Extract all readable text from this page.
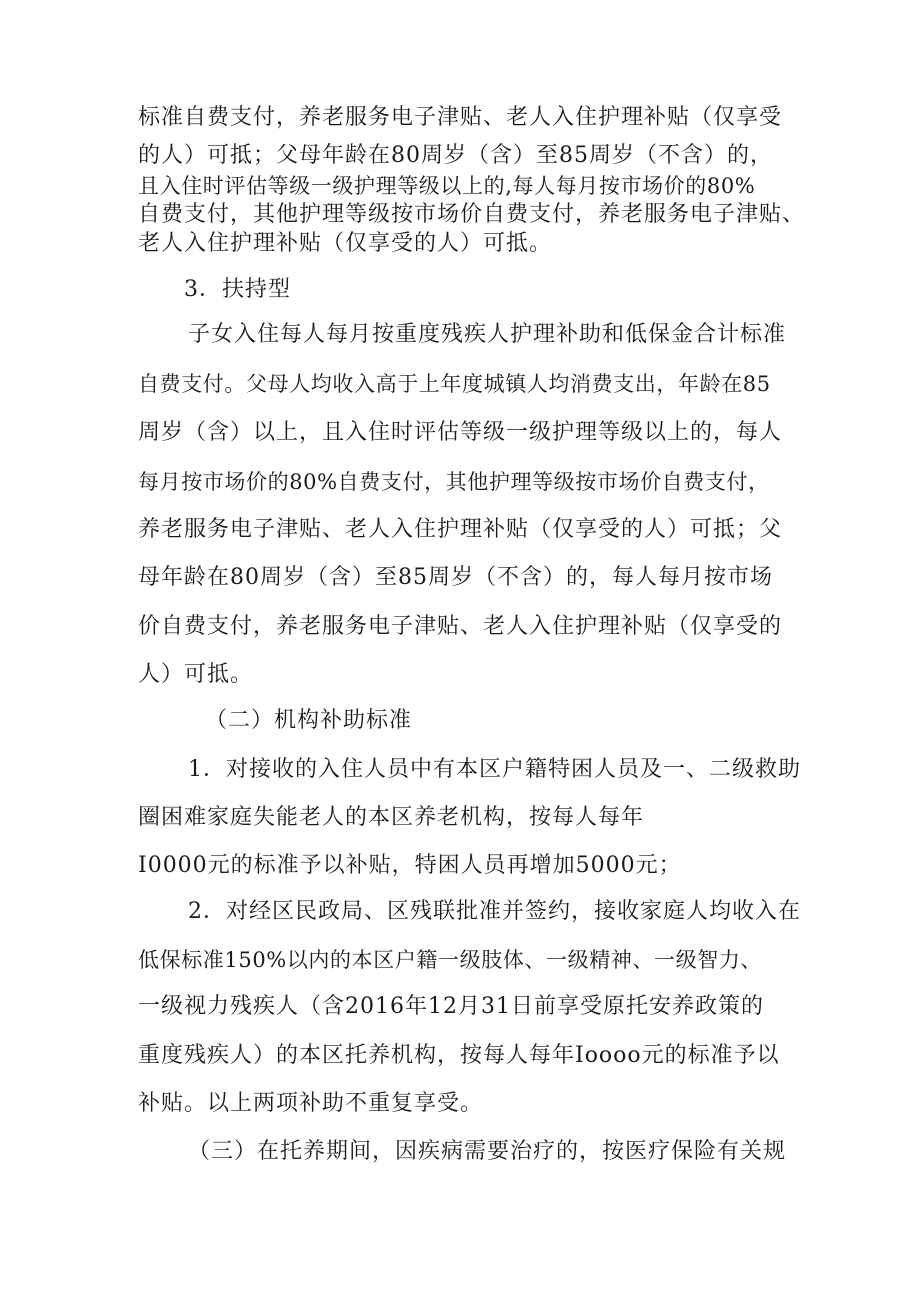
标准自费支付，养老服务电子津贴、老人入住护理补贴（仅享受
的人）可抵；父母年龄在80周岁（含）至85周岁（不含）的，
且入住时评估等级一级护理等级以上的,每人每月按市场价的80%
自费支付，其他护理等级按市场价自费支付，养老服务电子津贴、
老人入住护理补贴（仅享受的人）可抵。
3．扶持型
子女入住每人每月按重度残疾人护理补助和低保金合计标准
自费支付。父母人均收入高于上年度城镇人均消费支出，年龄在85
周岁（含）以上，且入住时评估等级一级护理等级以上的，每人
每月按市场价的80%自费支付，其他护理等级按市场价自费支付，
养老服务电子津贴、老人入住护理补贴（仅享受的人）可抵；父
母年龄在80周岁（含）至85周岁（不含）的，每人每月按市场
价自费支付，养老服务电子津贴、老人入住护理补贴（仅享受的
人）可抵。
（二）机构补助标准
1．对接收的入住人员中有本区户籍特困人员及一、二级救助
圈困难家庭失能老人的本区养老机构，按每人每年
I0000元的标准予以补贴，特困人员再增加5000元；
2．对经区民政局、区残联批准并签约，接收家庭人均收入在
低保标准150%以内的本区户籍一级肢体、一级精神、一级智力、
一级视力残疾人（含2016年12月31日前享受原托安养政策的
重度残疾人）的本区托养机构，按每人每年Ioooo元的标准予以
补贴。以上两项补助不重复享受。
（三）在托养期间，因疾病需要治疗的，按医疗保险有关规
